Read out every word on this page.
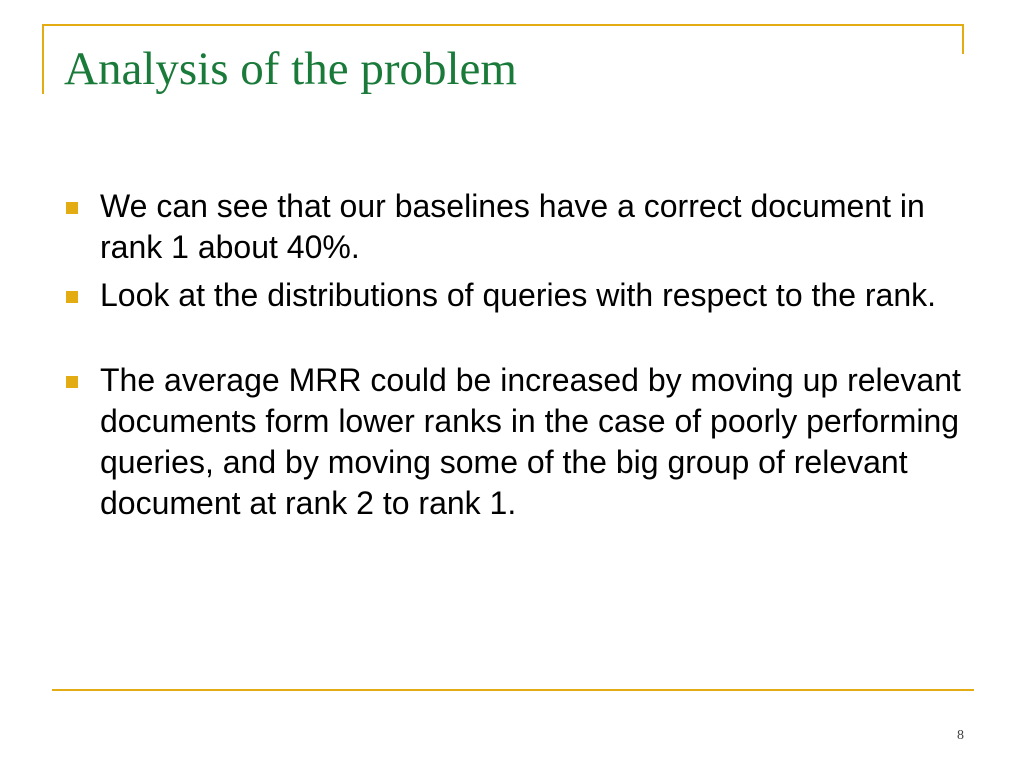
Analysis of the problem
We can see that our baselines have a correct document in rank 1 about 40%.
Look at the distributions of queries with respect to the rank.
The average MRR could be increased by moving up relevant documents form lower ranks in the case of poorly performing queries, and by moving some of the big group of relevant document at rank 2 to rank 1.
8
